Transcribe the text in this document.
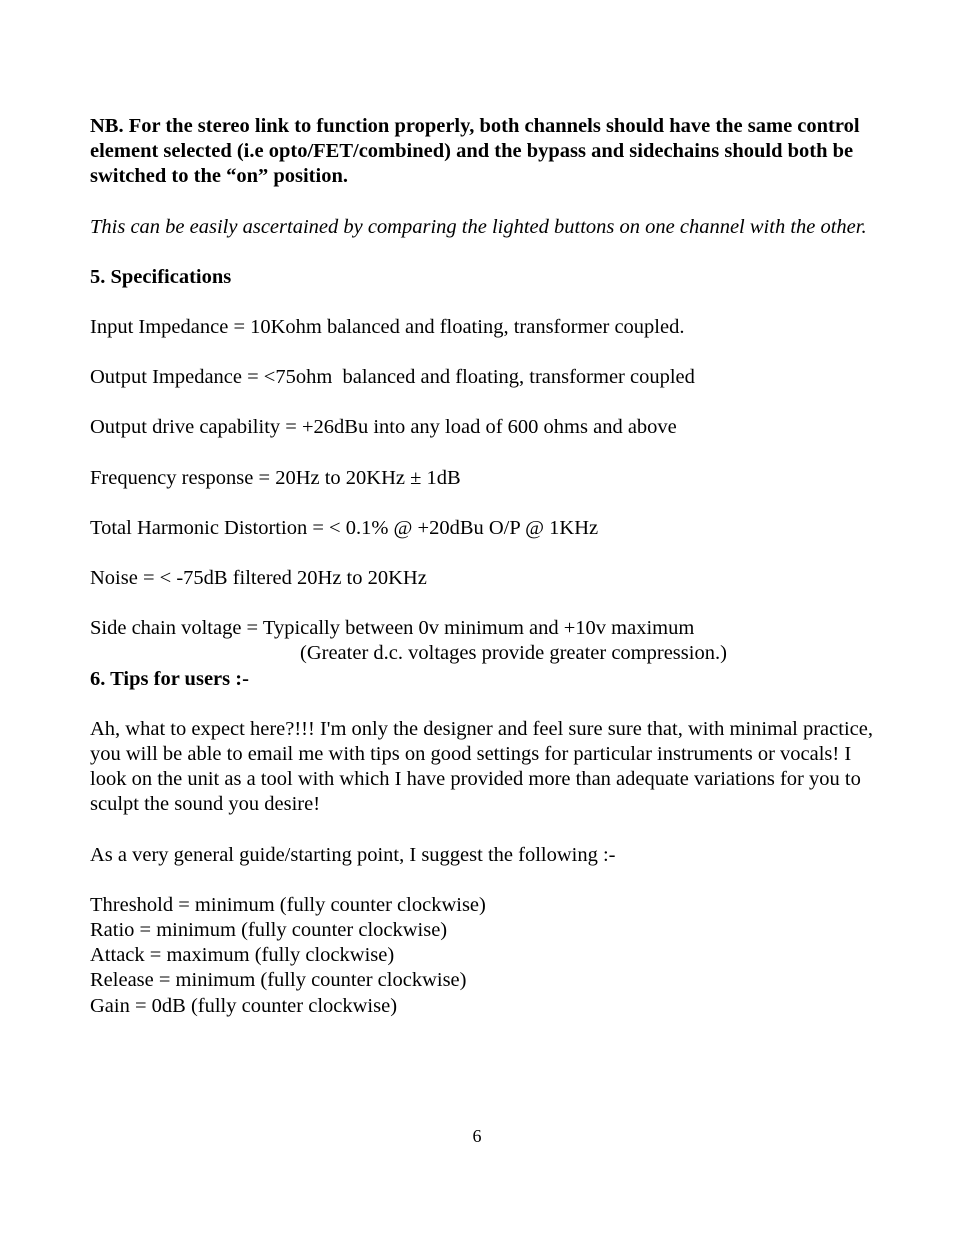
NB. For the stereo link to function properly, both channels should have the same control element selected (i.e opto/FET/combined) and the bypass and sidechains should both be switched to the “on” position.

This can be easily ascertained by comparing the lighted buttons on one channel with the other.

5. Specifications

Input Impedance = 10Kohm balanced and floating, transformer coupled.

Output Impedance = <75ohm  balanced and floating, transformer coupled

Output drive capability = +26dBu into any load of 600 ohms and above

Frequency response = 20Hz to 20KHz ± 1dB

Total Harmonic Distortion = < 0.1% @ +20dBu O/P @ 1KHz

Noise = < -75dB filtered 20Hz to 20KHz

Side chain voltage = Typically between 0v minimum and +10v maximum

(Greater d.c. voltages provide greater compression.)

6. Tips for users :-

Ah, what to expect here?!!! I'm only the designer and feel sure sure that, with minimal practice, you will be able to email me with tips on good settings for particular instruments or vocals! I look on the unit as a tool with which I have provided more than adequate variations for you to sculpt the sound you desire!

As a very general guide/starting point, I suggest the following :-

Threshold = minimum (fully counter clockwise)

Ratio = minimum (fully counter clockwise)

Attack = maximum (fully clockwise)

Release = minimum (fully counter clockwise)

Gain = 0dB (fully counter clockwise)

6
